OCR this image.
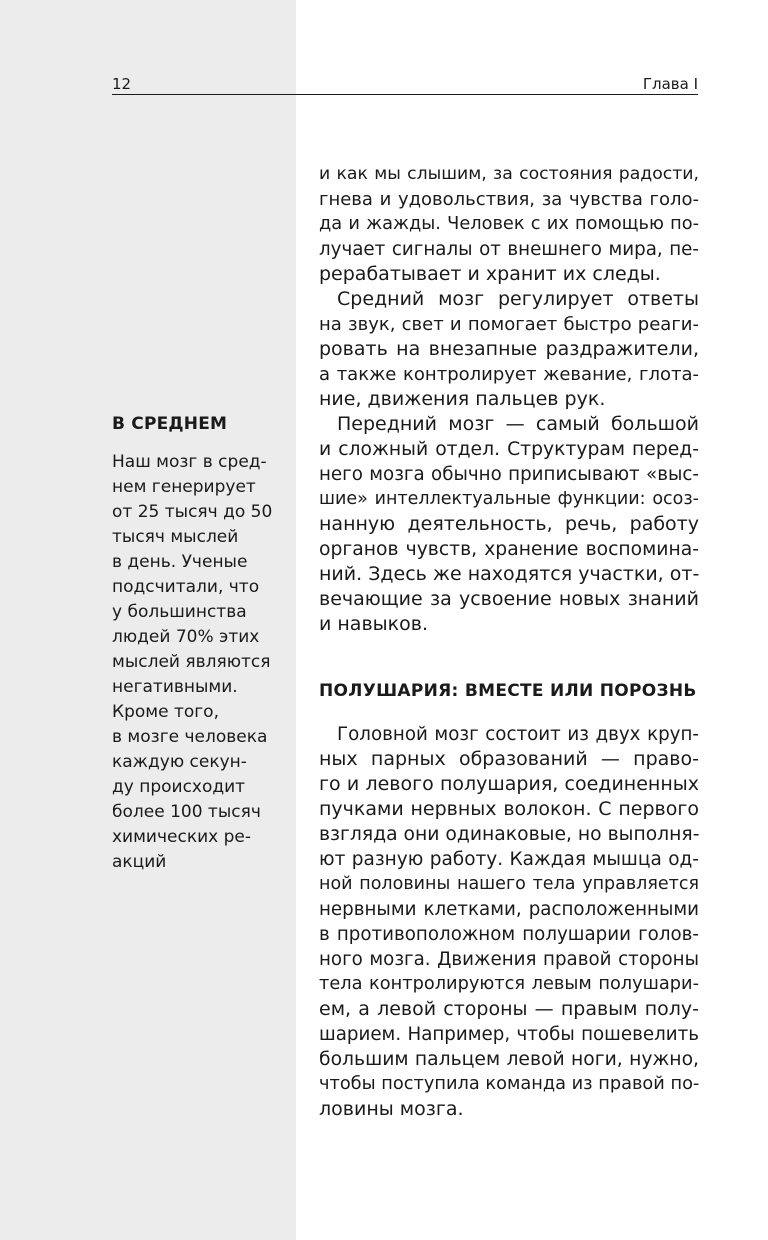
12	Глава I
В СРЕДНЕМ
Наш мозг в сред-
нем генерирует
от 25 тысяч до 50
тысяч мыслей
в день. Ученые
подсчитали, что
у большинства
людей 70% этих
мыслей являются
негативными.
Кроме того,
в мозге человека
каждую секун-
ду происходит
более 100 тысяч
химических ре-
акций
и как мы слышим, за состояния радости,
гнева и удовольствия, за чувства голо-
да и жажды. Человек с их помощью по-
лучает сигналы от внешнего мира, пе-
рерабатывает и хранит их следы.
Средний мозг регулирует ответы
на звук, свет и помогает быстро реаги-
ровать на внезапные раздражители,
а также контролирует жевание, глота-
ние, движения пальцев рук.
Передний мозг — самый большой
и сложный отдел. Структурам перед-
него мозга обычно приписывают «выс-
шие» интеллектуальные функции: осоз-
нанную деятельность, речь, работу
органов чувств, хранение воспомина-
ний. Здесь же находятся участки, от-
вечающие за усвоение новых знаний
и навыков.
ПОЛУШАРИЯ: ВМЕСТЕ ИЛИ ПОРОЗНЬ
Головной мозг состоит из двух круп-
ных парных образований — право-
го и левого полушария, соединенных
пучками нервных волокон. С первого
взгляда они одинаковые, но выполня-
ют разную работу. Каждая мышца од-
ной половины нашего тела управляется
нервными клетками, расположенными
в противоположном полушарии голов-
ного мозга. Движения правой стороны
тела контролируются левым полушари-
ем, а левой стороны — правым полу-
шарием. Например, чтобы пошевелить
большим пальцем левой ноги, нужно,
чтобы поступила команда из правой по-
ловины мозга.
